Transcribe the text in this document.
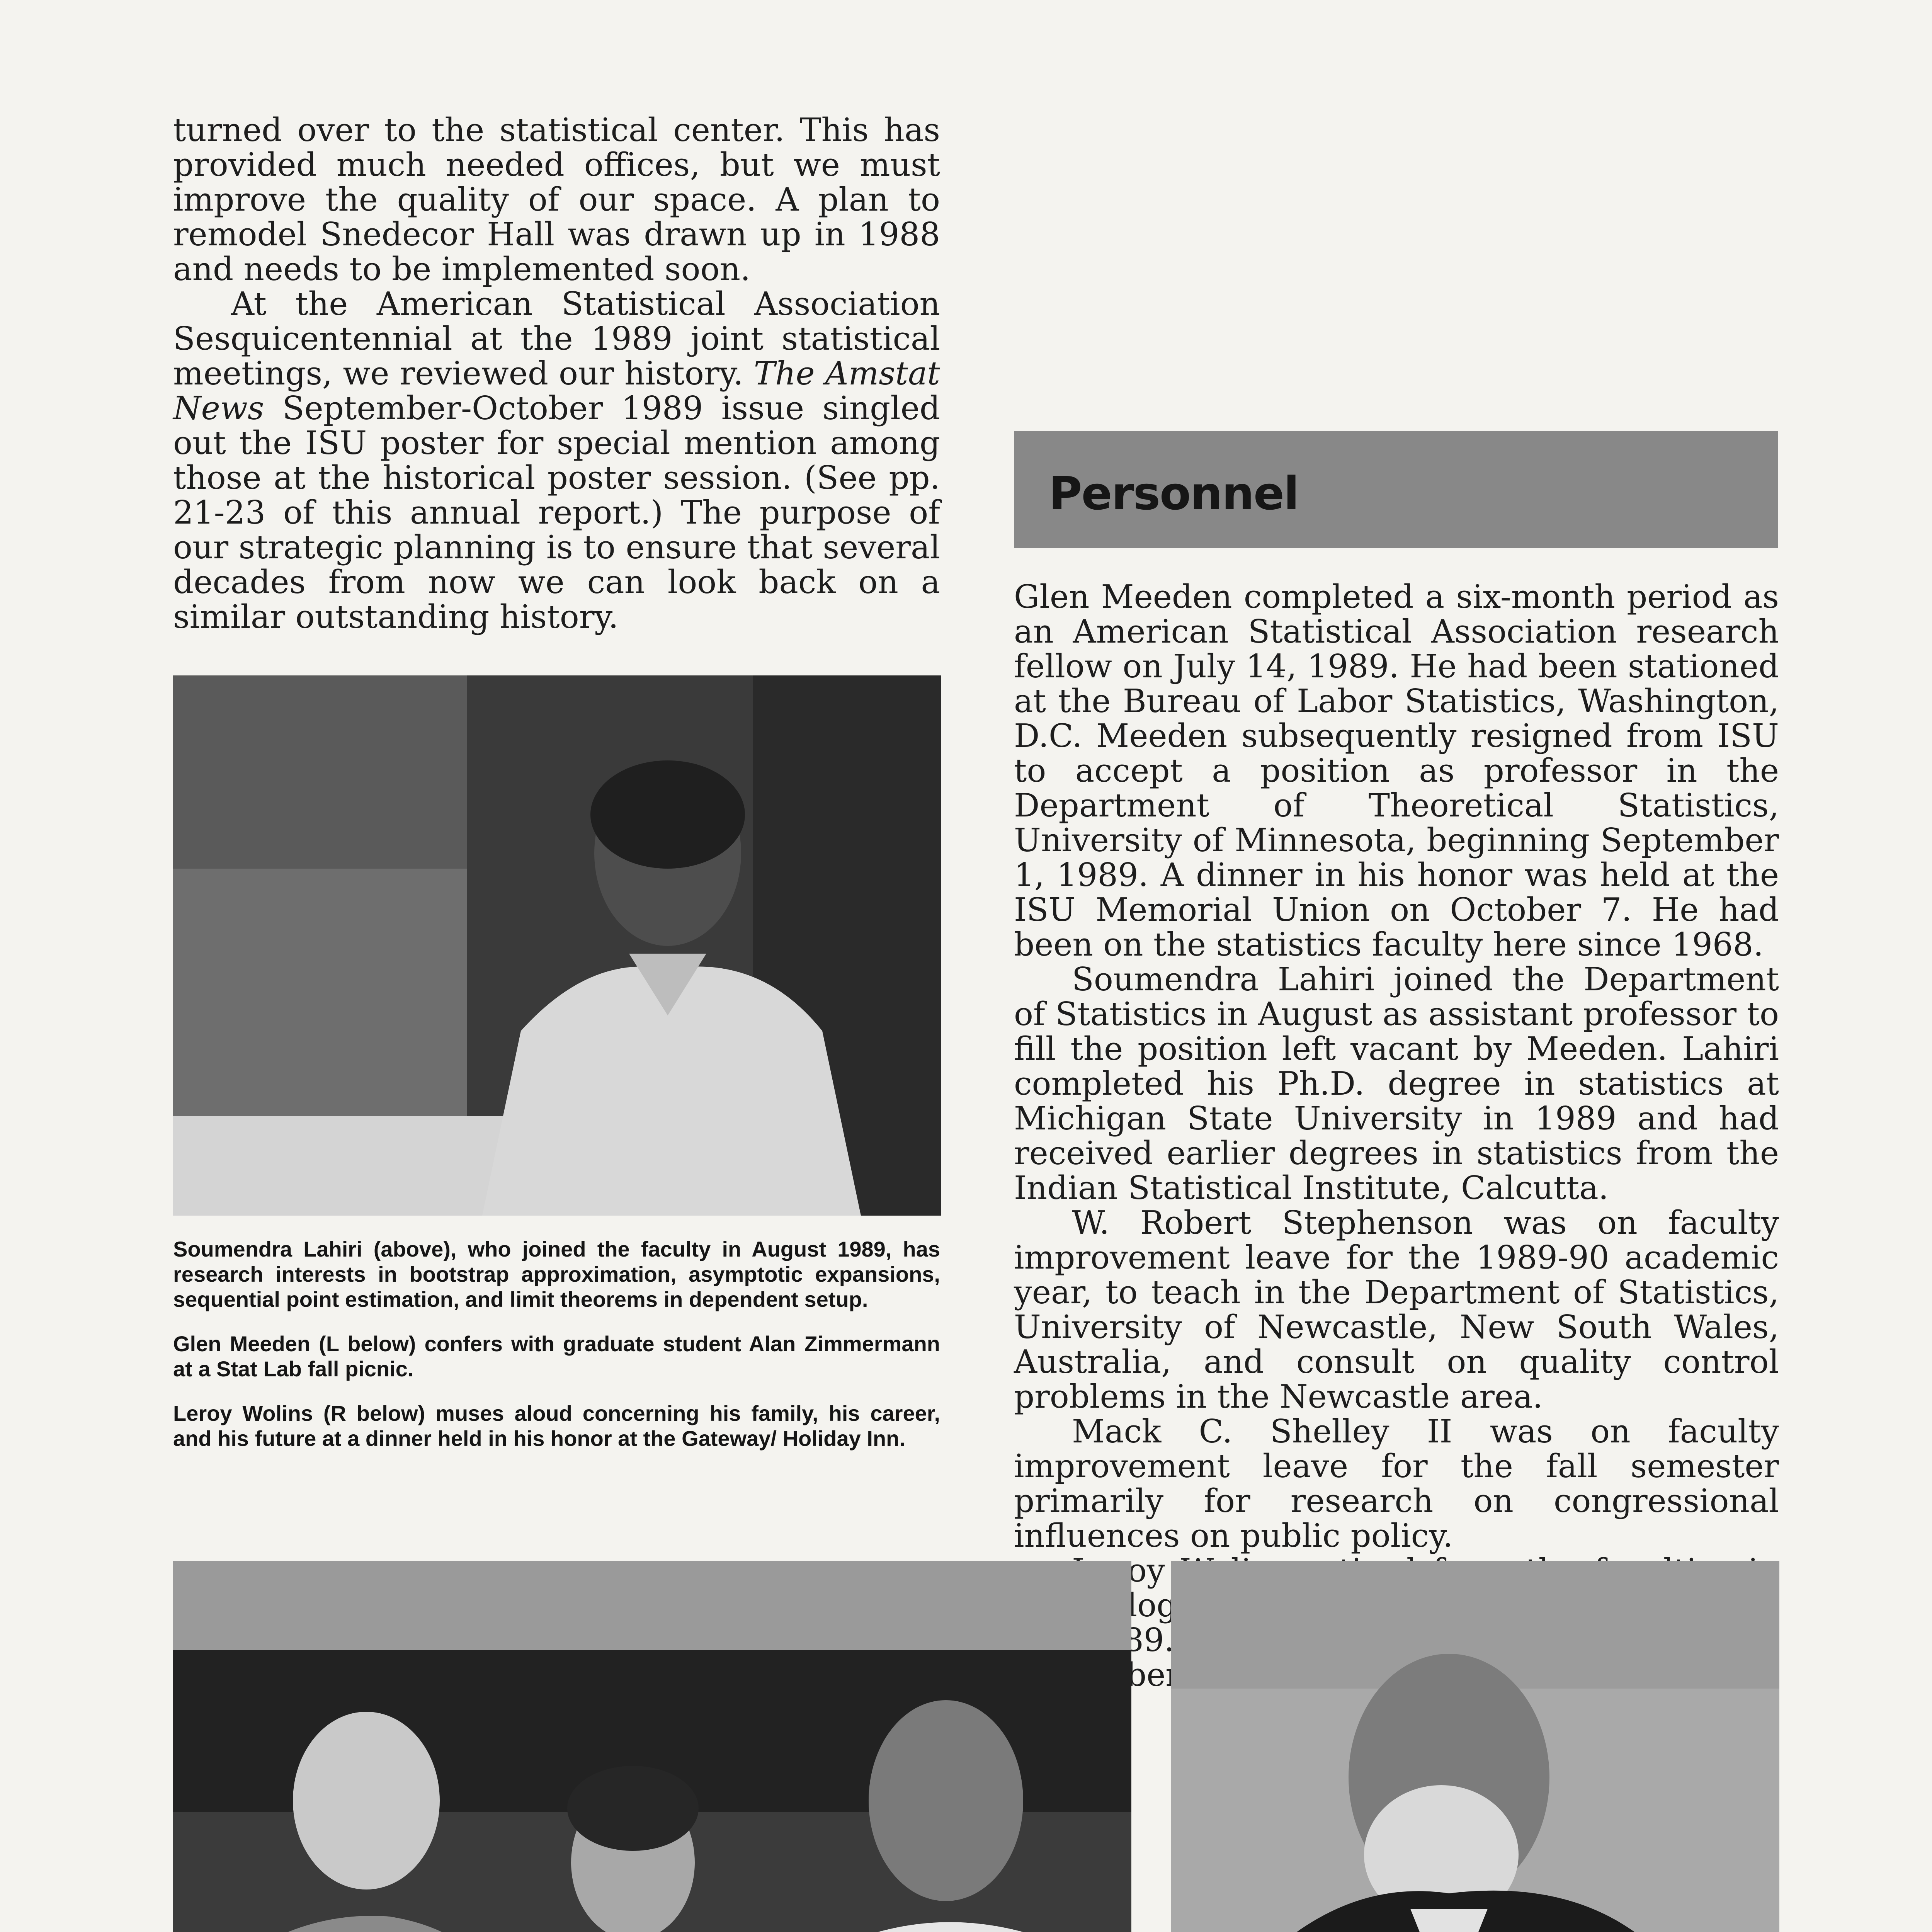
turned over to the statistical center. This has provided much needed offices, but we must improve the quality of our space. A plan to remodel Snedecor Hall was drawn up in 1988 and needs to be implemented soon.

At the American Statistical Association Sesquicentennial at the 1989 joint statistical meetings, we reviewed our history. The Amstat News September-October 1989 issue singled out the ISU poster for special mention among those at the historical poster session. (See pp. 21-23 of this annual report.) The purpose of our strategic planning is to ensure that several decades from now we can look back on a similar outstanding history.

Soumendra Lahiri (above), who joined the faculty in August 1989, has research interests in bootstrap approximation, asymptotic expansions, sequential point estimation, and limit theorems in dependent setup.

Glen Meeden (L below) confers with graduate student Alan Zimmermann at a Stat Lab fall picnic.

Leroy Wolins (R below) muses aloud concerning his family, his career, and his future at a dinner held in his honor at the Gateway/ Holiday Inn.

Personnel

Glen Meeden completed a six-month period as an American Statistical Association research fellow on July 14, 1989. He had been stationed at the Bureau of Labor Statistics, Washington, D.C. Meeden subsequently resigned from ISU to accept a position as professor in the Department of Theoretical Statistics, University of Minnesota, beginning September 1, 1989. A dinner in his honor was held at the ISU Memorial Union on October 7. He had been on the statistics faculty here since 1968.

Soumendra Lahiri joined the Department of Statistics in August as assistant professor to fill the position left vacant by Meeden. Lahiri completed his Ph.D. degree in statistics at Michigan State University in 1989 and had received earlier degrees in statistics from the Indian Statistical Institute, Calcutta.

W. Robert Stephenson was on faculty improvement leave for the 1989-90 academic year, to teach in the Department of Statistics, University of Newcastle, New South Wales, Australia, and consult on quality control problems in the Newcastle area.

Mack C. Shelley II was on faculty improvement leave for the fall semester primarily for research on congressional influences on public policy.
